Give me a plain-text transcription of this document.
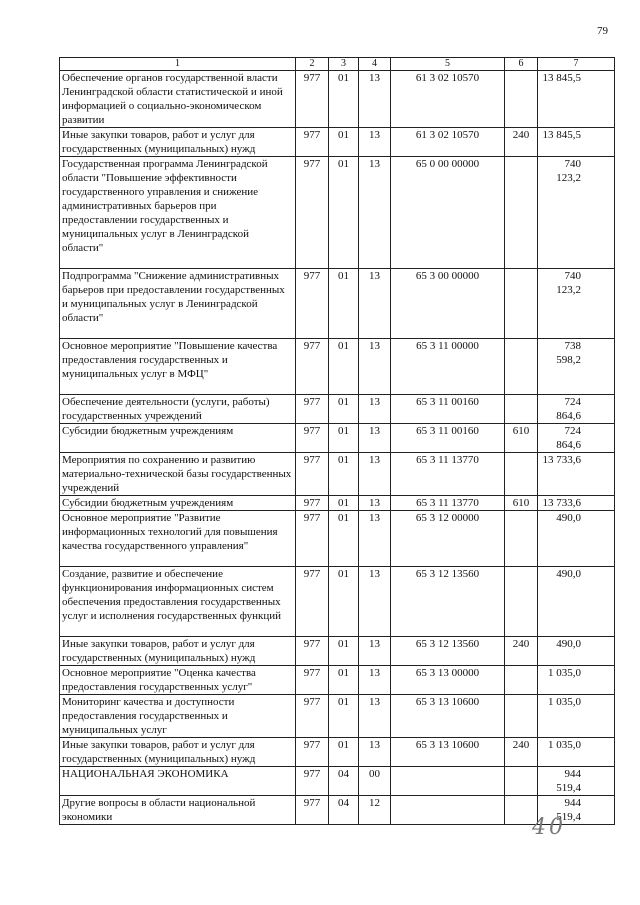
79
1	2	3	4	5	6	7
Обеспечение органов государственной власти Ленинградской области статистической и иной информацией о социально-экономическом развитии	977	01	13	61 3 02 10570		13 845,5
Иные закупки товаров, работ и услуг для государственных (муниципальных) нужд	977	01	13	61 3 02 10570	240	13 845,5
Государственная программа Ленинградской области "Повышение эффективности государственного управления и снижение административных барьеров при предоставлении государственных и муниципальных услуг в Ленинградской области"	977	01	13	65 0 00 00000		740 123,2
Подпрограмма "Снижение административных барьеров при предоставлении государственных и муниципальных услуг в Ленинградской области"	977	01	13	65 3 00 00000		740 123,2
Основное мероприятие "Повышение качества предоставления государственных и муниципальных услуг в МФЦ"	977	01	13	65 3 11 00000		738 598,2
Обеспечение деятельности (услуги, работы) государственных учреждений	977	01	13	65 3 11 00160		724 864,6
Субсидии бюджетным учреждениям	977	01	13	65 3 11 00160	610	724 864,6
Мероприятия по сохранению и развитию материально-технической базы государственных учреждений	977	01	13	65 3 11 13770		13 733,6
Субсидии бюджетным учреждениям	977	01	13	65 3 11 13770	610	13 733,6
Основное мероприятие "Развитие информационных технологий для повышения качества государственного управления"	977	01	13	65 3 12 00000		490,0
Создание, развитие и обеспечение функционирования информационных систем обеспечения предоставления государственных услуг и исполнения государственных функций	977	01	13	65 3 12 13560		490,0
Иные закупки товаров, работ и услуг для государственных (муниципальных) нужд	977	01	13	65 3 12 13560	240	490,0
Основное мероприятие "Оценка качества предоставления государственных услуг"	977	01	13	65 3 13 00000		1 035,0
Мониторинг качества и доступности предоставления государственных и муниципальных услуг	977	01	13	65 3 13 10600		1 035,0
Иные закупки товаров, работ и услуг для государственных (муниципальных) нужд	977	01	13	65 3 13 10600	240	1 035,0
НАЦИОНАЛЬНАЯ ЭКОНОМИКА	977	04	00			944 519,4
Другие вопросы в области национальной экономики	977	04	12			944 519,4
40
